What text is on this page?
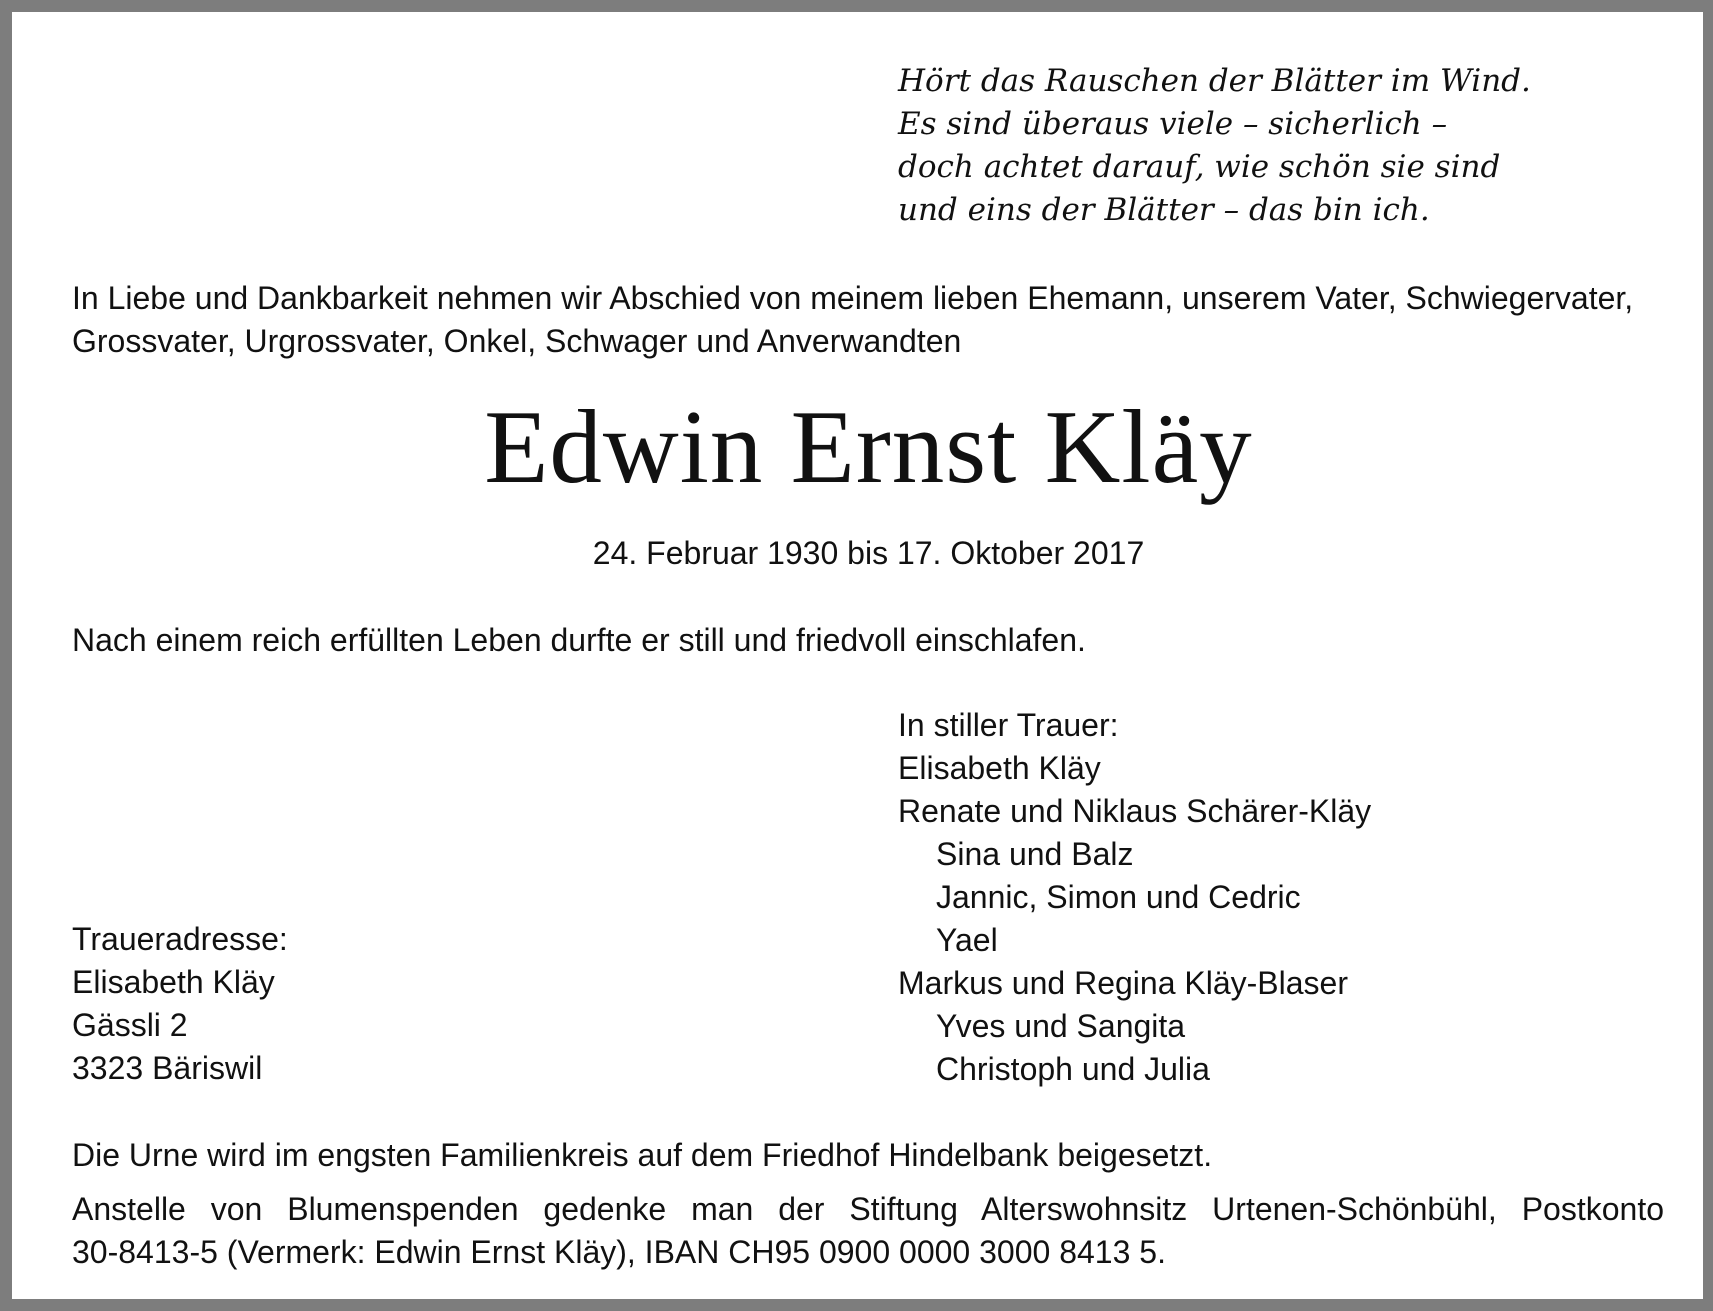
Hört das Rauschen der Blätter im Wind.
Es sind überaus viele – sicherlich –
doch achtet darauf, wie schön sie sind
und eins der Blätter – das bin ich.
In Liebe und Dankbarkeit nehmen wir Abschied von meinem lieben Ehemann, unserem Vater, Schwiegervater,
Grossvater, Urgrossvater, Onkel, Schwager und Anverwandten
Edwin Ernst Kläy
24. Februar 1930 bis 17. Oktober 2017
Nach einem reich erfüllten Leben durfte er still und friedvoll einschlafen.
In stiller Trauer:
Elisabeth Kläy
Renate und Niklaus Schärer-Kläy
Sina und Balz
Jannic, Simon und Cedric
Yael
Markus und Regina Kläy-Blaser
Yves und Sangita
Christoph und Julia
Traueradresse:
Elisabeth Kläy
Gässli 2
3323 Bäriswil
Die Urne wird im engsten Familienkreis auf dem Friedhof Hindelbank beigesetzt.
Anstelle von Blumenspenden gedenke man der Stiftung Alterswohnsitz Urtenen-Schönbühl, Postkonto
30-8413-5 (Vermerk: Edwin Ernst Kläy), IBAN CH95 0900 0000 3000 8413 5.
